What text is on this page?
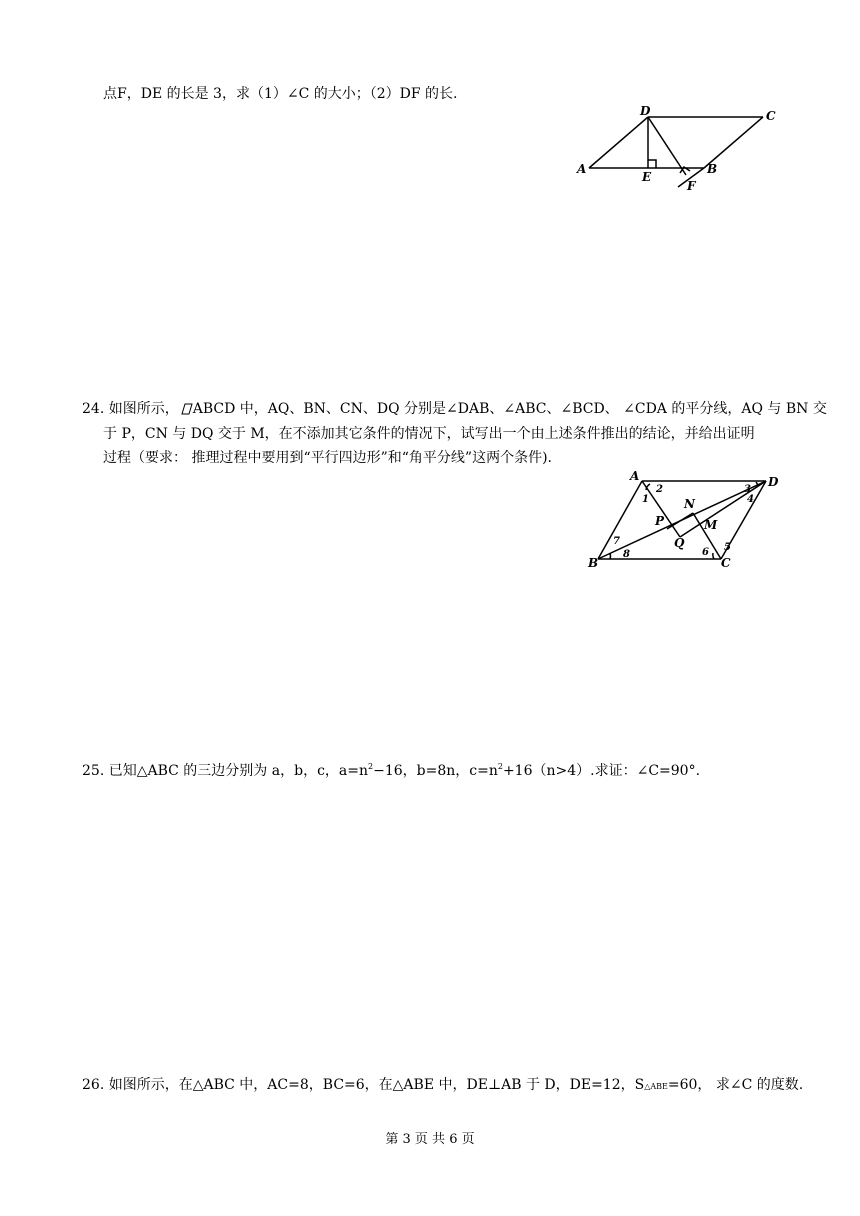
点F，DE 的长是 3，求（1）∠C 的大小；（2）DF 的长.
A
D	C
E
B
F
24. 如图所示， ABCD 中，AQ、BN、CN、DQ 分别是∠DAB、∠ABC、∠BCD、 ∠CDA 的平分线，AQ 与 BN 交
于 P，CN 与 DQ 交于 M，在不添加其它条件的情况下，试写出一个由上述条件推出的结论，并给出证明
过程（要求： 推理过程中要用到“平行四边形”和“角平分线”这两个条件).
A	D
B	C
N
P
Q
M
1
2	3
4
5
6
7
8
25. 已知△ABC 的三边分别为 a，b，c，$a=n^2-16$，b=8n，$c=n^2+16(n>4)$.求证：∠C=90°.
26. 如图所示，在△ABC 中，AC=8，BC=6，在△ABE 中，DE⊥AB 于 D，DE=12，S△ABE=60， 求∠C 的度数.
第 3 页 共 6 页
